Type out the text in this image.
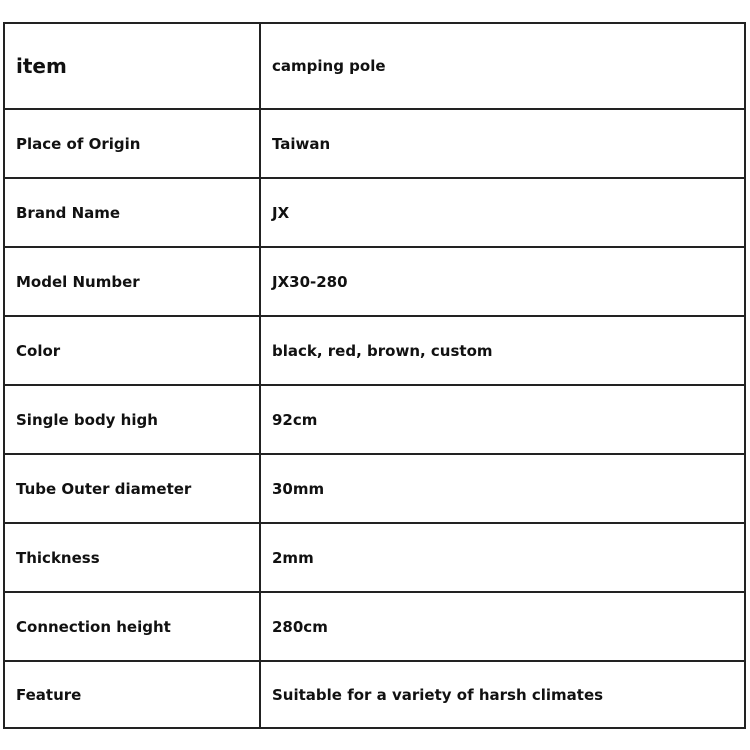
item	camping pole
Place of Origin	Taiwan
Brand Name	JX
Model Number	JX30-280
Color	black, red, brown, custom
Single body high	92cm
Tube Outer diameter	30mm
Thickness	2mm
Connection height	280cm
Feature	Suitable for a variety of harsh climates
